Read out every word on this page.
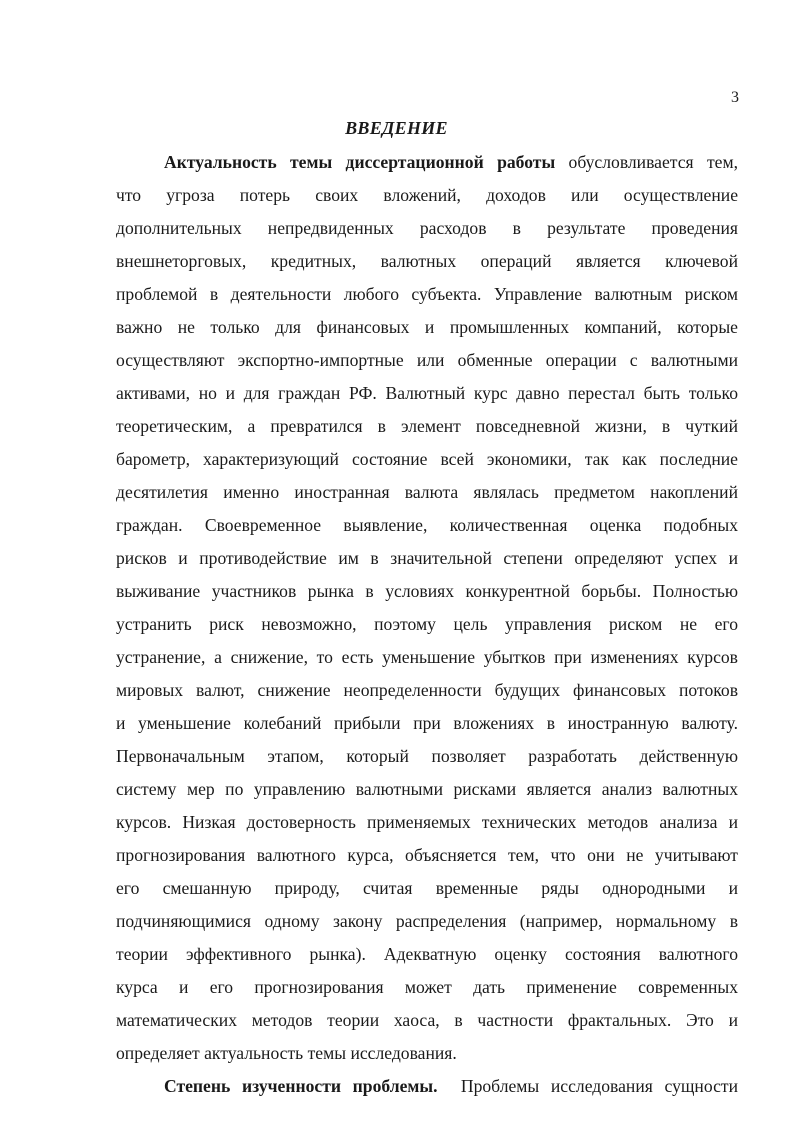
3
ВВЕДЕНИЕ
Актуальность темы диссертационной работы обусловливается тем,
что угроза потерь своих вложений, доходов или осуществление
дополнительных непредвиденных расходов в результате проведения
внешнеторговых, кредитных, валютных операций является ключевой
проблемой в деятельности любого субъекта. Управление валютным риском
важно не только для финансовых и промышленных компаний, которые
осуществляют экспортно-импортные или обменные операции с валютными
активами, но и для граждан РФ. Валютный курс давно перестал быть только
теоретическим, а превратился в элемент повседневной жизни, в чуткий
барометр, характеризующий состояние всей экономики, так как последние
десятилетия именно иностранная валюта являлась предметом накоплений
граждан. Своевременное выявление, количественная оценка подобных
рисков и противодействие им в значительной степени определяют успех и
выживание участников рынка в условиях конкурентной борьбы. Полностью
устранить риск невозможно, поэтому цель управления риском не его
устранение, а снижение, то есть уменьшение убытков при изменениях курсов
мировых валют, снижение неопределенности будущих финансовых потоков
и уменьшение колебаний прибыли при вложениях в иностранную валюту.
Первоначальным этапом, который позволяет разработать действенную
систему мер по управлению валютными рисками является анализ валютных
курсов. Низкая достоверность применяемых технических методов анализа и
прогнозирования валютного курса, объясняется тем, что они не учитывают
его смешанную природу, считая временные ряды однородными и
подчиняющимися одному закону распределения (например, нормальному в
теории эффективного рынка). Адекватную оценку состояния валютного
курса и его прогнозирования может дать применение современных
математических методов теории хаоса, в частности фрактальных. Это и
определяет актуальность темы исследования.
Степень изученности проблемы.  Проблемы исследования сущности
